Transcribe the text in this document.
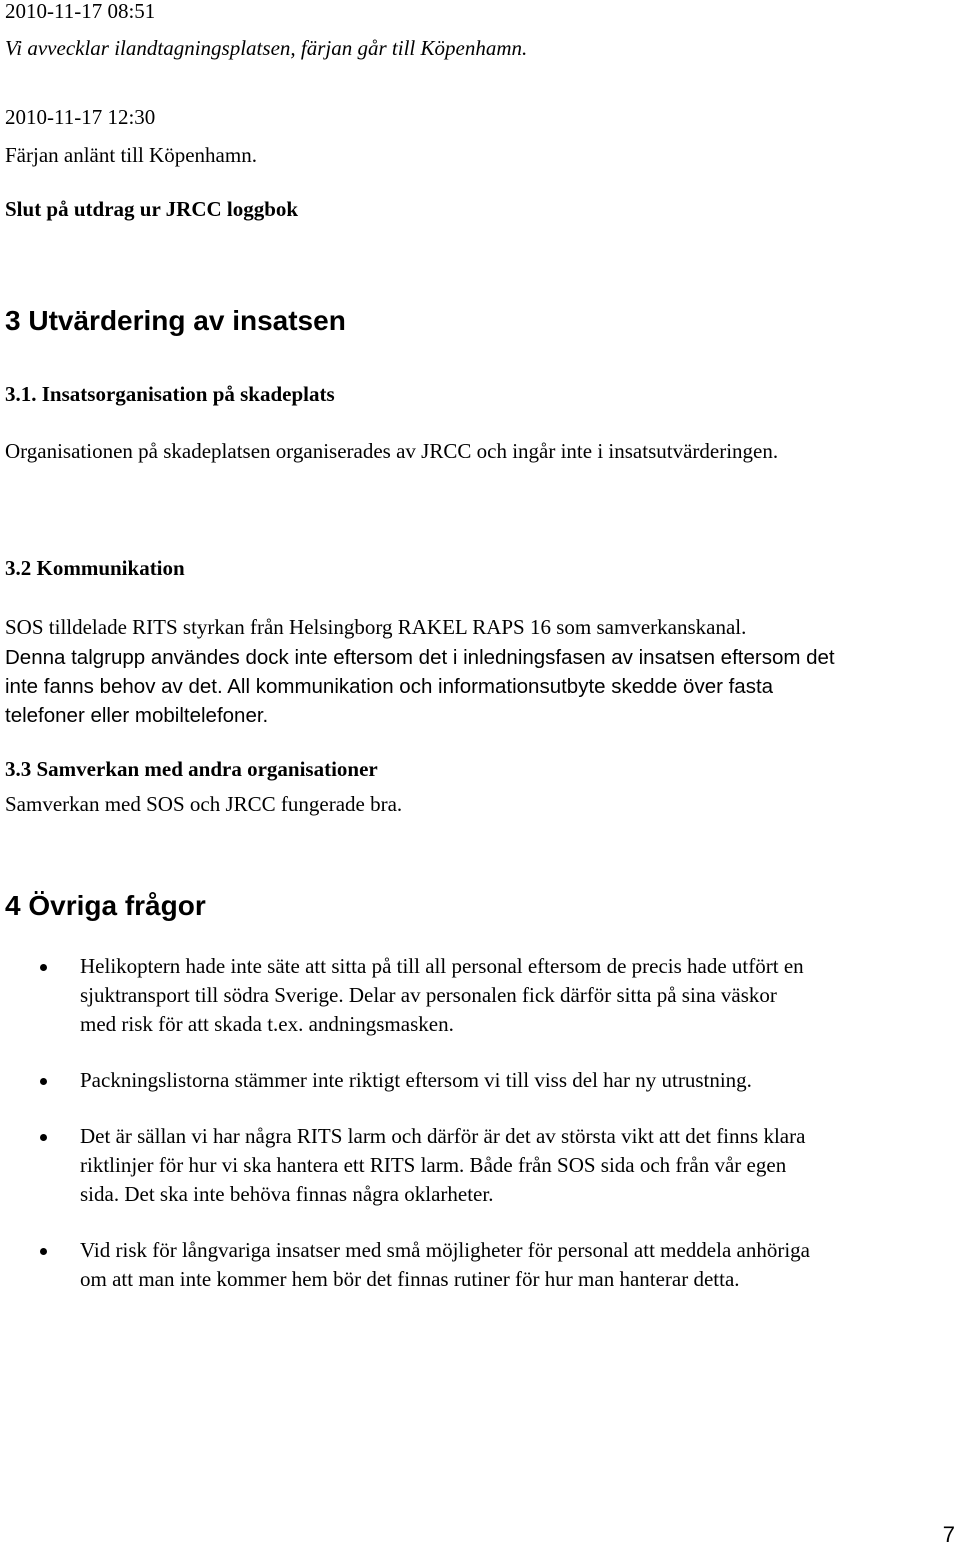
2010-11-17 08:51

Vi avvecklar ilandtagningsplatsen, färjan går till Köpenhamn.

2010-11-17 12:30

Färjan anlänt till Köpenhamn.

Slut på utdrag ur JRCC loggbok

3 Utvärdering av insatsen
3.1. Insatsorganisation på skadeplats

Organisationen på skadeplatsen organiserades av JRCC och ingår inte i insatsutvärderingen.

3.2 Kommunikation

SOS tilldelade RITS styrkan från Helsingborg RAKEL RAPS 16 som samverkanskanal.

Denna talgrupp användes dock inte eftersom det i inledningsfasen av insatsen eftersom det

inte fanns behov av det. All kommunikation och informationsutbyte skedde över fasta

telefoner eller mobiltelefoner.

3.3 Samverkan med andra organisationer

Samverkan med SOS och JRCC fungerade bra.

4 Övriga frågor
Helikoptern hade inte säte att sitta på till all personal eftersom de precis hade utfört en
sjuktransport till södra Sverige. Delar av personalen fick därför sitta på sina väskor
med risk för att skada t.ex. andningsmasken.
Packningslistorna stämmer inte riktigt eftersom vi till viss del har ny utrustning.
Det är sällan vi har några RITS larm och därför är det av största vikt att det finns klara
riktlinjer för hur vi ska hantera ett RITS larm. Både från SOS sida och från vår egen
sida. Det ska inte behöva finnas några oklarheter.
Vid risk för långvariga insatser med små möjligheter för personal att meddela anhöriga
om att man inte kommer hem bör det finnas rutiner för hur man hanterar detta.
7
